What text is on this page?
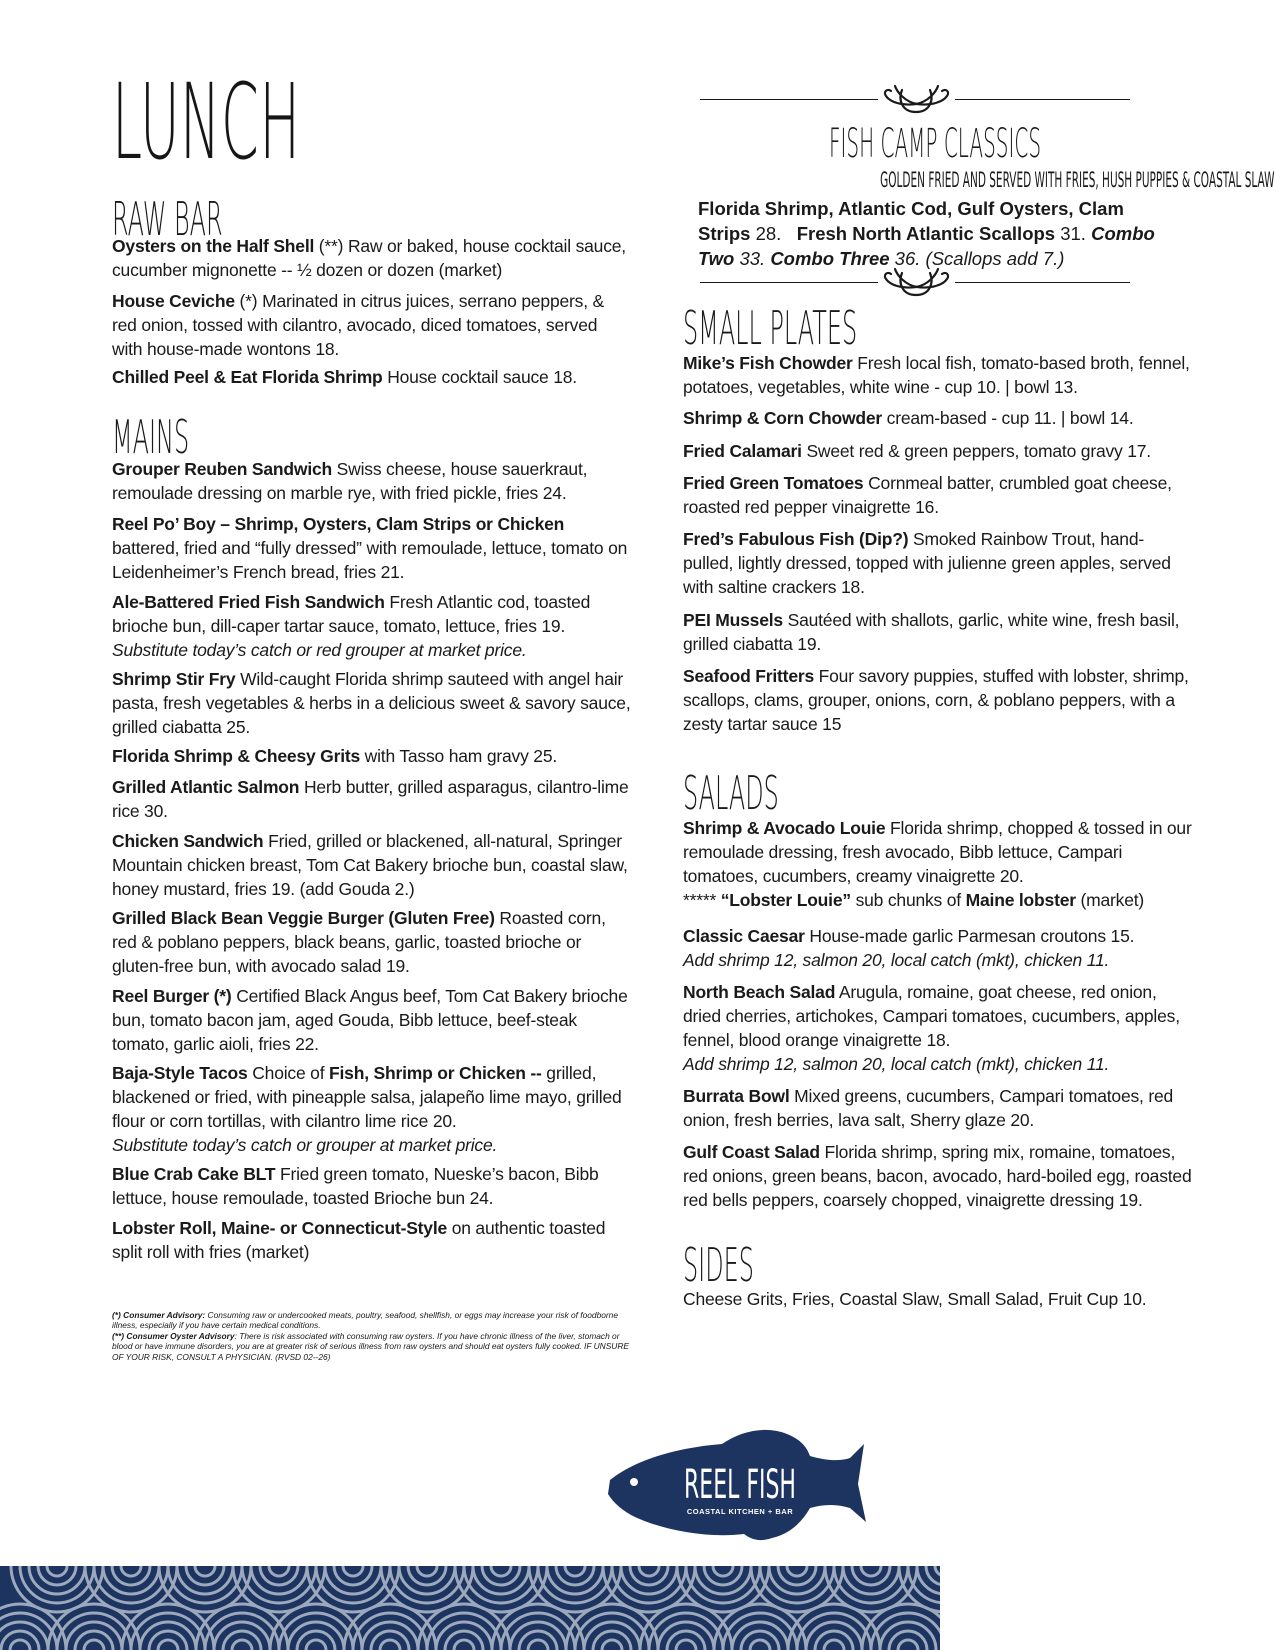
LUNCH
RAW BAR
Oysters on the Half Shell (**) Raw or baked, house cocktail sauce, cucumber mignonette -- ½ dozen or dozen (market)
House Ceviche (*) Marinated in citrus juices, serrano peppers, & red onion, tossed with cilantro, avocado, diced tomatoes, served with house-made wontons 18.
Chilled Peel & Eat Florida Shrimp House cocktail sauce 18.
MAINS
Grouper Reuben Sandwich Swiss cheese, house sauerkraut, remoulade dressing on marble rye, with fried pickle, fries 24.
Reel Po’ Boy – Shrimp, Oysters, Clam Strips or Chicken battered, fried and “fully dressed” with remoulade, lettuce, tomato on Leidenheimer’s French bread, fries 21.
Ale-Battered Fried Fish Sandwich Fresh Atlantic cod, toasted brioche bun, dill-caper tartar sauce, tomato, lettuce, fries 19.
Substitute today’s catch or red grouper at market price.
Shrimp Stir Fry Wild-caught Florida shrimp sauteed with angel hair pasta, fresh vegetables & herbs in a delicious sweet & savory sauce, grilled ciabatta 25.
Florida Shrimp & Cheesy Grits with Tasso ham gravy 25.
Grilled Atlantic Salmon Herb butter, grilled asparagus, cilantro-lime rice 30.
Chicken Sandwich Fried, grilled or blackened, all-natural, Springer Mountain chicken breast, Tom Cat Bakery brioche bun, coastal slaw, honey mustard, fries 19. (add Gouda 2.)
Grilled Black Bean Veggie Burger (Gluten Free) Roasted corn, red & poblano peppers, black beans, garlic, toasted brioche or gluten-free bun, with avocado salad 19.
Reel Burger (*) Certified Black Angus beef, Tom Cat Bakery brioche bun, tomato bacon jam, aged Gouda, Bibb lettuce, beef-steak tomato, garlic aioli, fries 22.
Baja-Style Tacos Choice of Fish, Shrimp or Chicken -- grilled, blackened or fried, with pineapple salsa, jalapeño lime mayo, grilled flour or corn tortillas, with cilantro lime rice 20.
Substitute today’s catch or grouper at market price.
Blue Crab Cake BLT Fried green tomato, Nueske’s bacon, Bibb lettuce, house remoulade, toasted Brioche bun 24.
Lobster Roll, Maine- or Connecticut-Style on authentic toasted split roll with fries (market)
(*) Consumer Advisory: Consuming raw or undercooked meats, poultry, seafood, shellfish, or eggs may increase your risk of foodborne illness, especially if you have certain medical conditions.
(**) Consumer Oyster Advisory: There is risk associated with consuming raw oysters. If you have chronic illness of the liver, stomach or blood or have immune disorders, you are at greater risk of serious illness from raw oysters and should eat oysters fully cooked. IF UNSURE OF YOUR RISK, CONSULT A PHYSICIAN. (RVSD 02--26)
FISH CAMP CLASSICS
GOLDEN FRIED AND SERVED WITH FRIES, HUSH PUPPIES & COASTAL SLAW
Florida Shrimp, Atlantic Cod, Gulf Oysters, Clam Strips 28. Fresh North Atlantic Scallops 31. Combo Two 33. Combo Three 36. (Scallops add 7.)
SMALL PLATES
Mike’s Fish Chowder Fresh local fish, tomato-based broth, fennel, potatoes, vegetables, white wine - cup 10. | bowl 13.
Shrimp & Corn Chowder cream-based - cup 11. | bowl 14.
Fried Calamari Sweet red & green peppers, tomato gravy 17.
Fried Green Tomatoes Cornmeal batter, crumbled goat cheese, roasted red pepper vinaigrette 16.
Fred’s Fabulous Fish (Dip?) Smoked Rainbow Trout, hand-pulled, lightly dressed, topped with julienne green apples, served with saltine crackers 18.
PEI Mussels Sautéed with shallots, garlic, white wine, fresh basil, grilled ciabatta 19.
Seafood Fritters Four savory puppies, stuffed with lobster, shrimp, scallops, clams, grouper, onions, corn, & poblano peppers, with a zesty tartar sauce 15
SALADS
Shrimp & Avocado Louie Florida shrimp, chopped & tossed in our remoulade dressing, fresh avocado, Bibb lettuce, Campari tomatoes, cucumbers, creamy vinaigrette 20.
***** “Lobster Louie” sub chunks of Maine lobster (market)
Classic Caesar House-made garlic Parmesan croutons 15.
Add shrimp 12, salmon 20, local catch (mkt), chicken 11.
North Beach Salad Arugula, romaine, goat cheese, red onion, dried cherries, artichokes, Campari tomatoes, cucumbers, apples, fennel, blood orange vinaigrette 18.
Add shrimp 12, salmon 20, local catch (mkt), chicken 11.
Burrata Bowl Mixed greens, cucumbers, Campari tomatoes, red onion, fresh berries, lava salt, Sherry glaze 20.
Gulf Coast Salad Florida shrimp, spring mix, romaine, tomatoes, red onions, green beans, bacon, avocado, hard-boiled egg, roasted red bells peppers, coarsely chopped, vinaigrette dressing 19.
SIDES
Cheese Grits, Fries, Coastal Slaw, Small Salad, Fruit Cup 10.
REEL FISH
COASTAL KITCHEN + BAR
